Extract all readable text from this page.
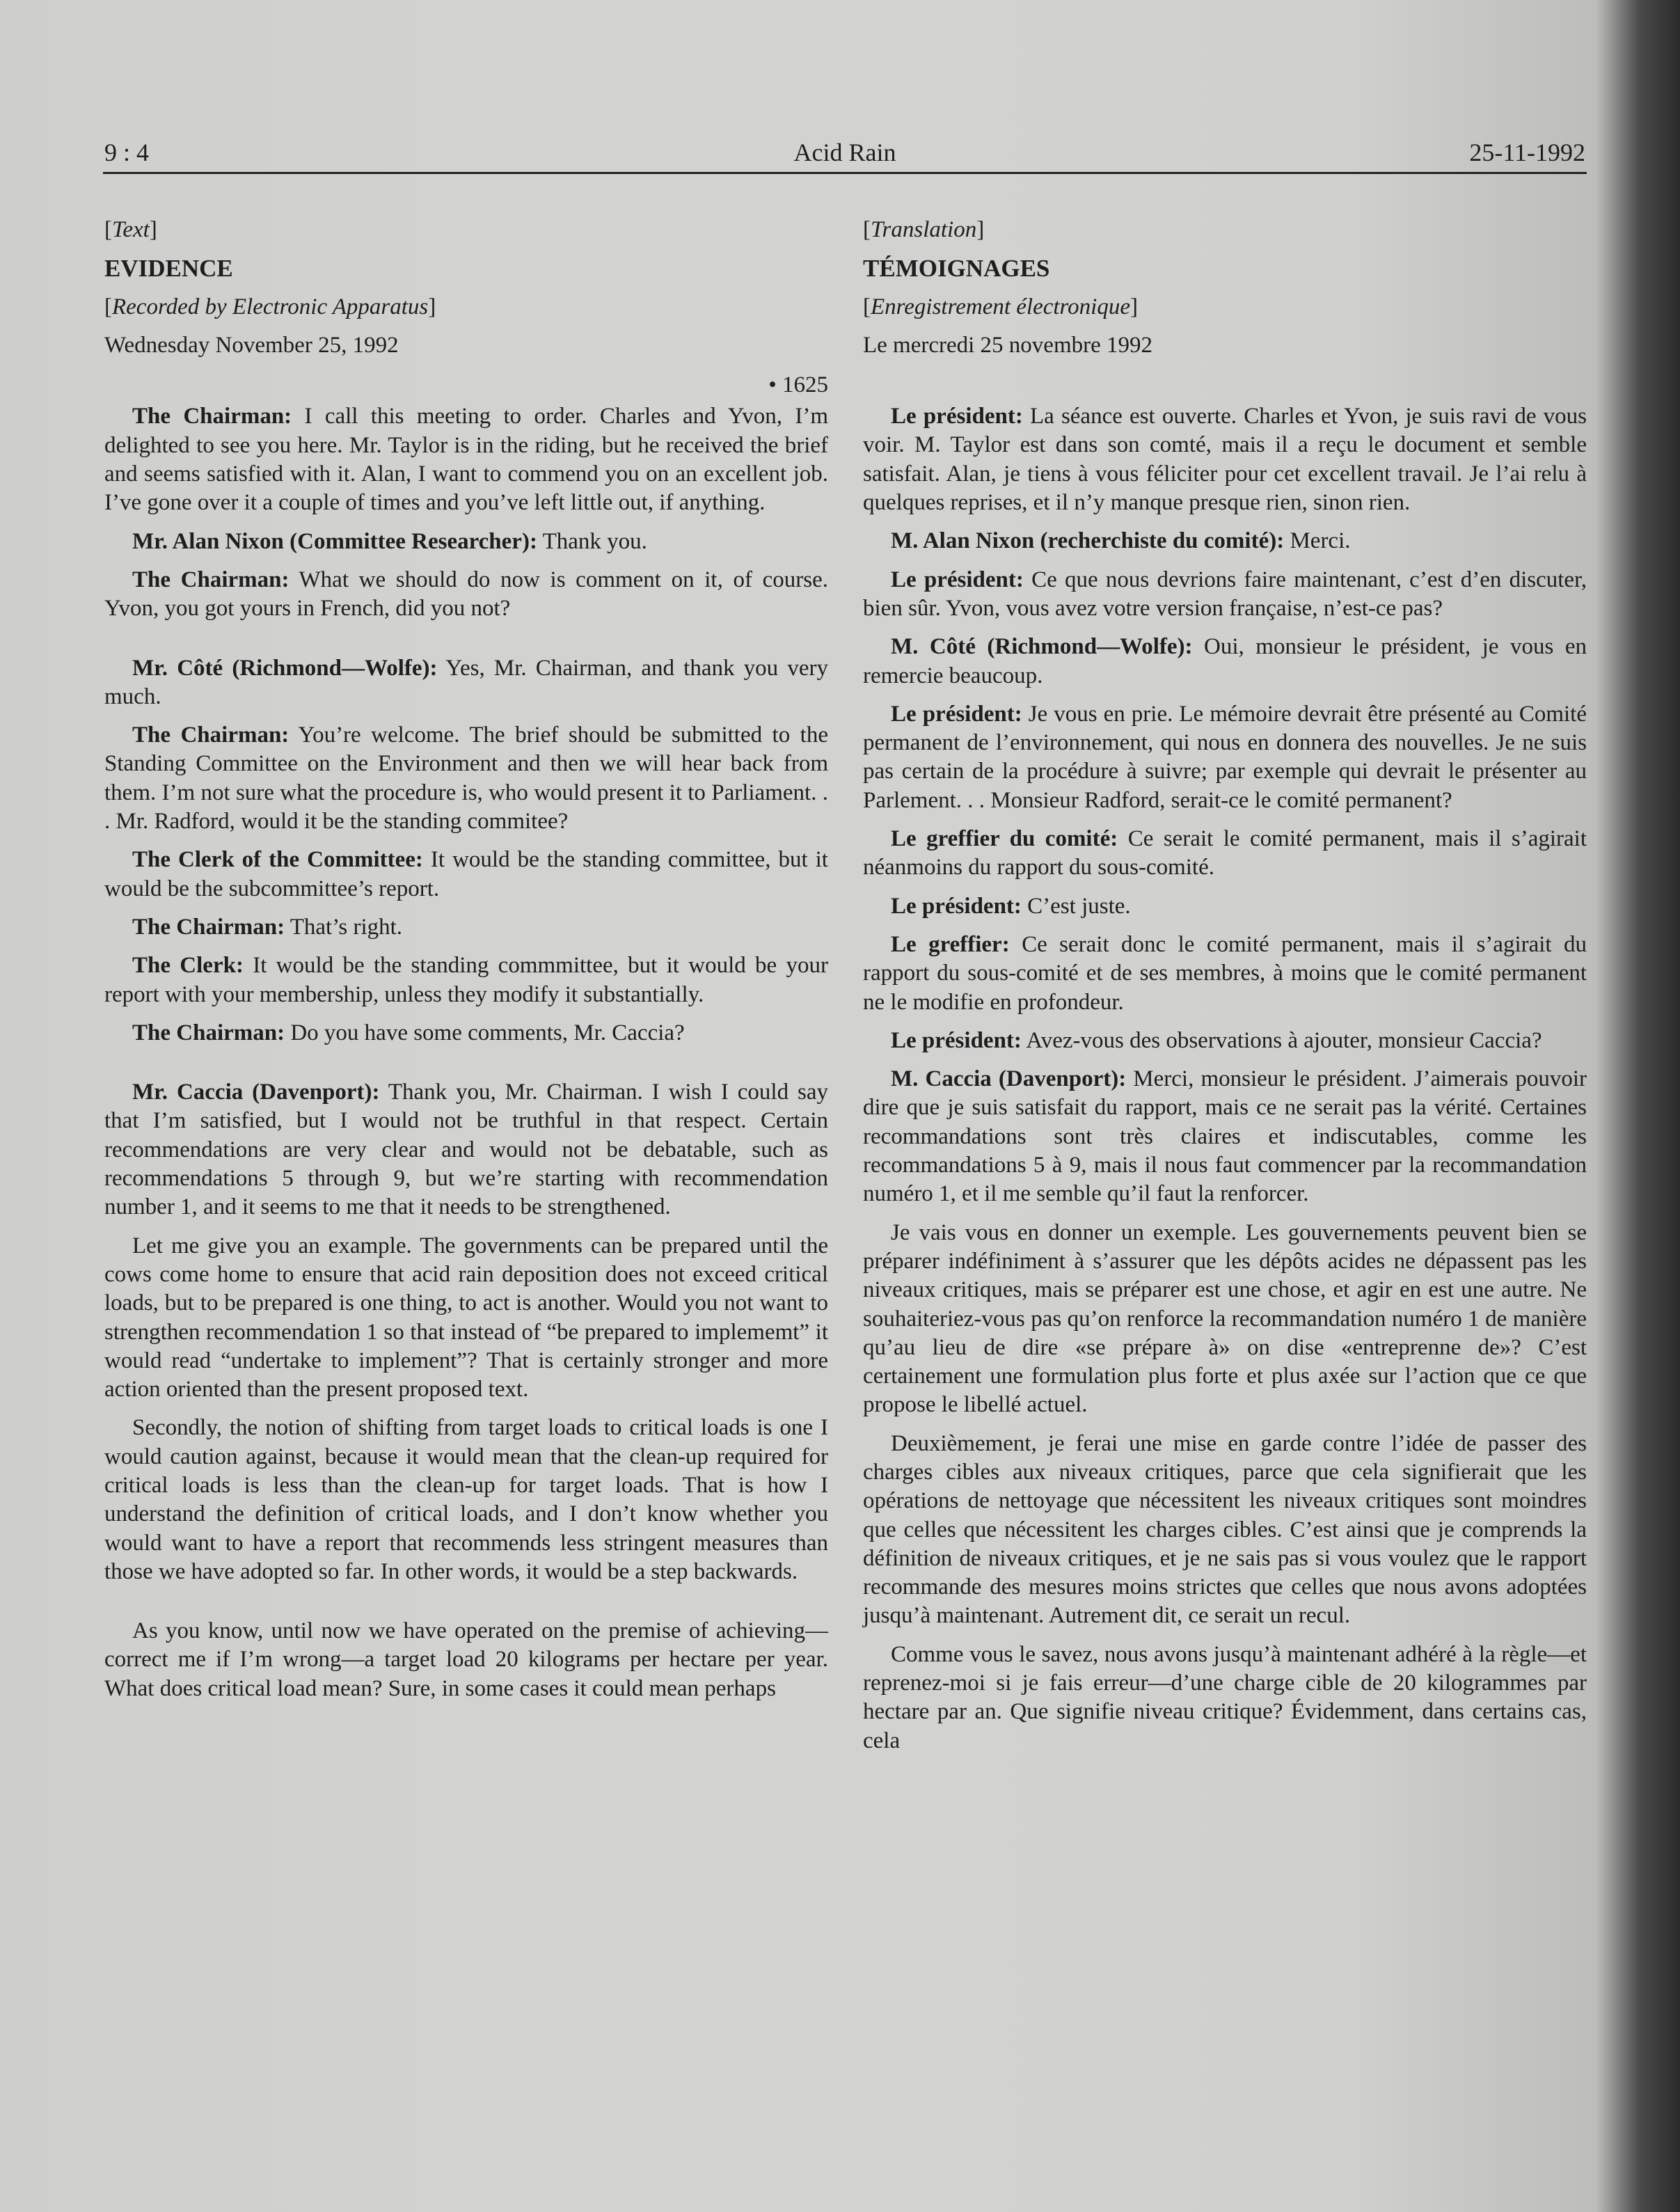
Acid Rain
9 : 4	25-11-1992

[Text]

EVIDENCE

[Recorded by Electronic Apparatus]

Wednesday November 25, 1992

• 1625

The Chairman: I call this meeting to order. Charles and Yvon, I’m delighted to see you here. Mr. Taylor is in the riding, but he received the brief and seems satisfied with it. Alan, I want to commend you on an excellent job. I’ve gone over it a couple of times and you’ve left little out, if anything.

Mr. Alan Nixon (Committee Researcher): Thank you.

The Chairman: What we should do now is comment on it, of course. Yvon, you got yours in French, did you not?

Mr. Côté (Richmond—Wolfe): Yes, Mr. Chairman, and thank you very much.

The Chairman: You’re welcome. The brief should be submitted to the Standing Committee on the Environment and then we will hear back from them. I’m not sure what the procedure is, who would present it to Parliament. . . Mr. Radford, would it be the standing commitee?

The Clerk of the Committee: It would be the standing committee, but it would be the subcommittee’s report.

The Chairman: That’s right.

The Clerk: It would be the standing commmittee, but it would be your report with your membership, unless they modify it substantially.

The Chairman: Do you have some comments, Mr. Caccia?

Mr. Caccia (Davenport): Thank you, Mr. Chairman. I wish I could say that I’m satisfied, but I would not be truthful in that respect. Certain recommendations are very clear and would not be debatable, such as recommendations 5 through 9, but we’re starting with recommendation number 1, and it seems to me that it needs to be strengthened.

Let me give you an example. The governments can be prepared until the cows come home to ensure that acid rain deposition does not exceed critical loads, but to be prepared is one thing, to act is another. Would you not want to strengthen recommendation 1 so that instead of “be prepared to implememt” it would read “undertake to implement”? That is certainly stronger and more action oriented than the present proposed text.

Secondly, the notion of shifting from target loads to critical loads is one I would caution against, because it would mean that the clean-up required for critical loads is less than the clean-up for target loads. That is how I understand the definition of critical loads, and I don’t know whether you would want to have a report that recommends less stringent measures than those we have adopted so far. In other words, it would be a step backwards.

As you know, until now we have operated on the premise of achieving—correct me if I’m wrong—a target load 20 kilograms per hectare per year. What does critical load mean? Sure, in some cases it could mean perhaps

[Translation]

TÉMOIGNAGES

[Enregistrement électronique]

Le mercredi 25 novembre 1992

Le président: La séance est ouverte. Charles et Yvon, je suis ravi de vous voir. M. Taylor est dans son comté, mais il a reçu le document et semble satisfait. Alan, je tiens à vous féliciter pour cet excellent travail. Je l’ai relu à quelques reprises, et il n’y manque presque rien, sinon rien.

M. Alan Nixon (recherchiste du comité): Merci.

Le président: Ce que nous devrions faire maintenant, c’est d’en discuter, bien sûr. Yvon, vous avez votre version française, n’est-ce pas?

M. Côté (Richmond—Wolfe): Oui, monsieur le président, je vous en remercie beaucoup.

Le président: Je vous en prie. Le mémoire devrait être présenté au Comité permanent de l’environnement, qui nous en donnera des nouvelles. Je ne suis pas certain de la procédure à suivre; par exemple qui devrait le présenter au Parlement. . . Monsieur Radford, serait-ce le comité permanent?

Le greffier du comité: Ce serait le comité permanent, mais il s’agirait néanmoins du rapport du sous-comité.

Le président: C’est juste.

Le greffier: Ce serait donc le comité permanent, mais il s’agirait du rapport du sous-comité et de ses membres, à moins que le comité permanent ne le modifie en profondeur.

Le président: Avez-vous des observations à ajouter, monsieur Caccia?

M. Caccia (Davenport): Merci, monsieur le président. J’aimerais pouvoir dire que je suis satisfait du rapport, mais ce ne serait pas la vérité. Certaines recommandations sont très claires et indiscutables, comme les recommandations 5 à 9, mais il nous faut commencer par la recommandation numéro 1, et il me semble qu’il faut la renforcer.

Je vais vous en donner un exemple. Les gouvernements peuvent bien se préparer indéfiniment à s’assurer que les dépôts acides ne dépassent pas les niveaux critiques, mais se préparer est une chose, et agir en est une autre. Ne souhaiteriez-vous pas qu’on renforce la recommandation numéro 1 de manière qu’au lieu de dire «se prépare à» on dise «entreprenne de»? C’est certainement une formulation plus forte et plus axée sur l’action que ce que propose le libellé actuel.

Deuxièmement, je ferai une mise en garde contre l’idée de passer des charges cibles aux niveaux critiques, parce que cela signifierait que les opérations de nettoyage que nécessitent les niveaux critiques sont moindres que celles que nécessitent les charges cibles. C’est ainsi que je comprends la définition de niveaux critiques, et je ne sais pas si vous voulez que le rapport recommande des mesures moins strictes que celles que nous avons adoptées jusqu’à maintenant. Autrement dit, ce serait un recul.

Comme vous le savez, nous avons jusqu’à maintenant adhéré à la règle—et reprenez-moi si je fais erreur—d’une charge cible de 20 kilogrammes par hectare par an. Que signifie niveau critique? Évidemment, dans certains cas, cela
